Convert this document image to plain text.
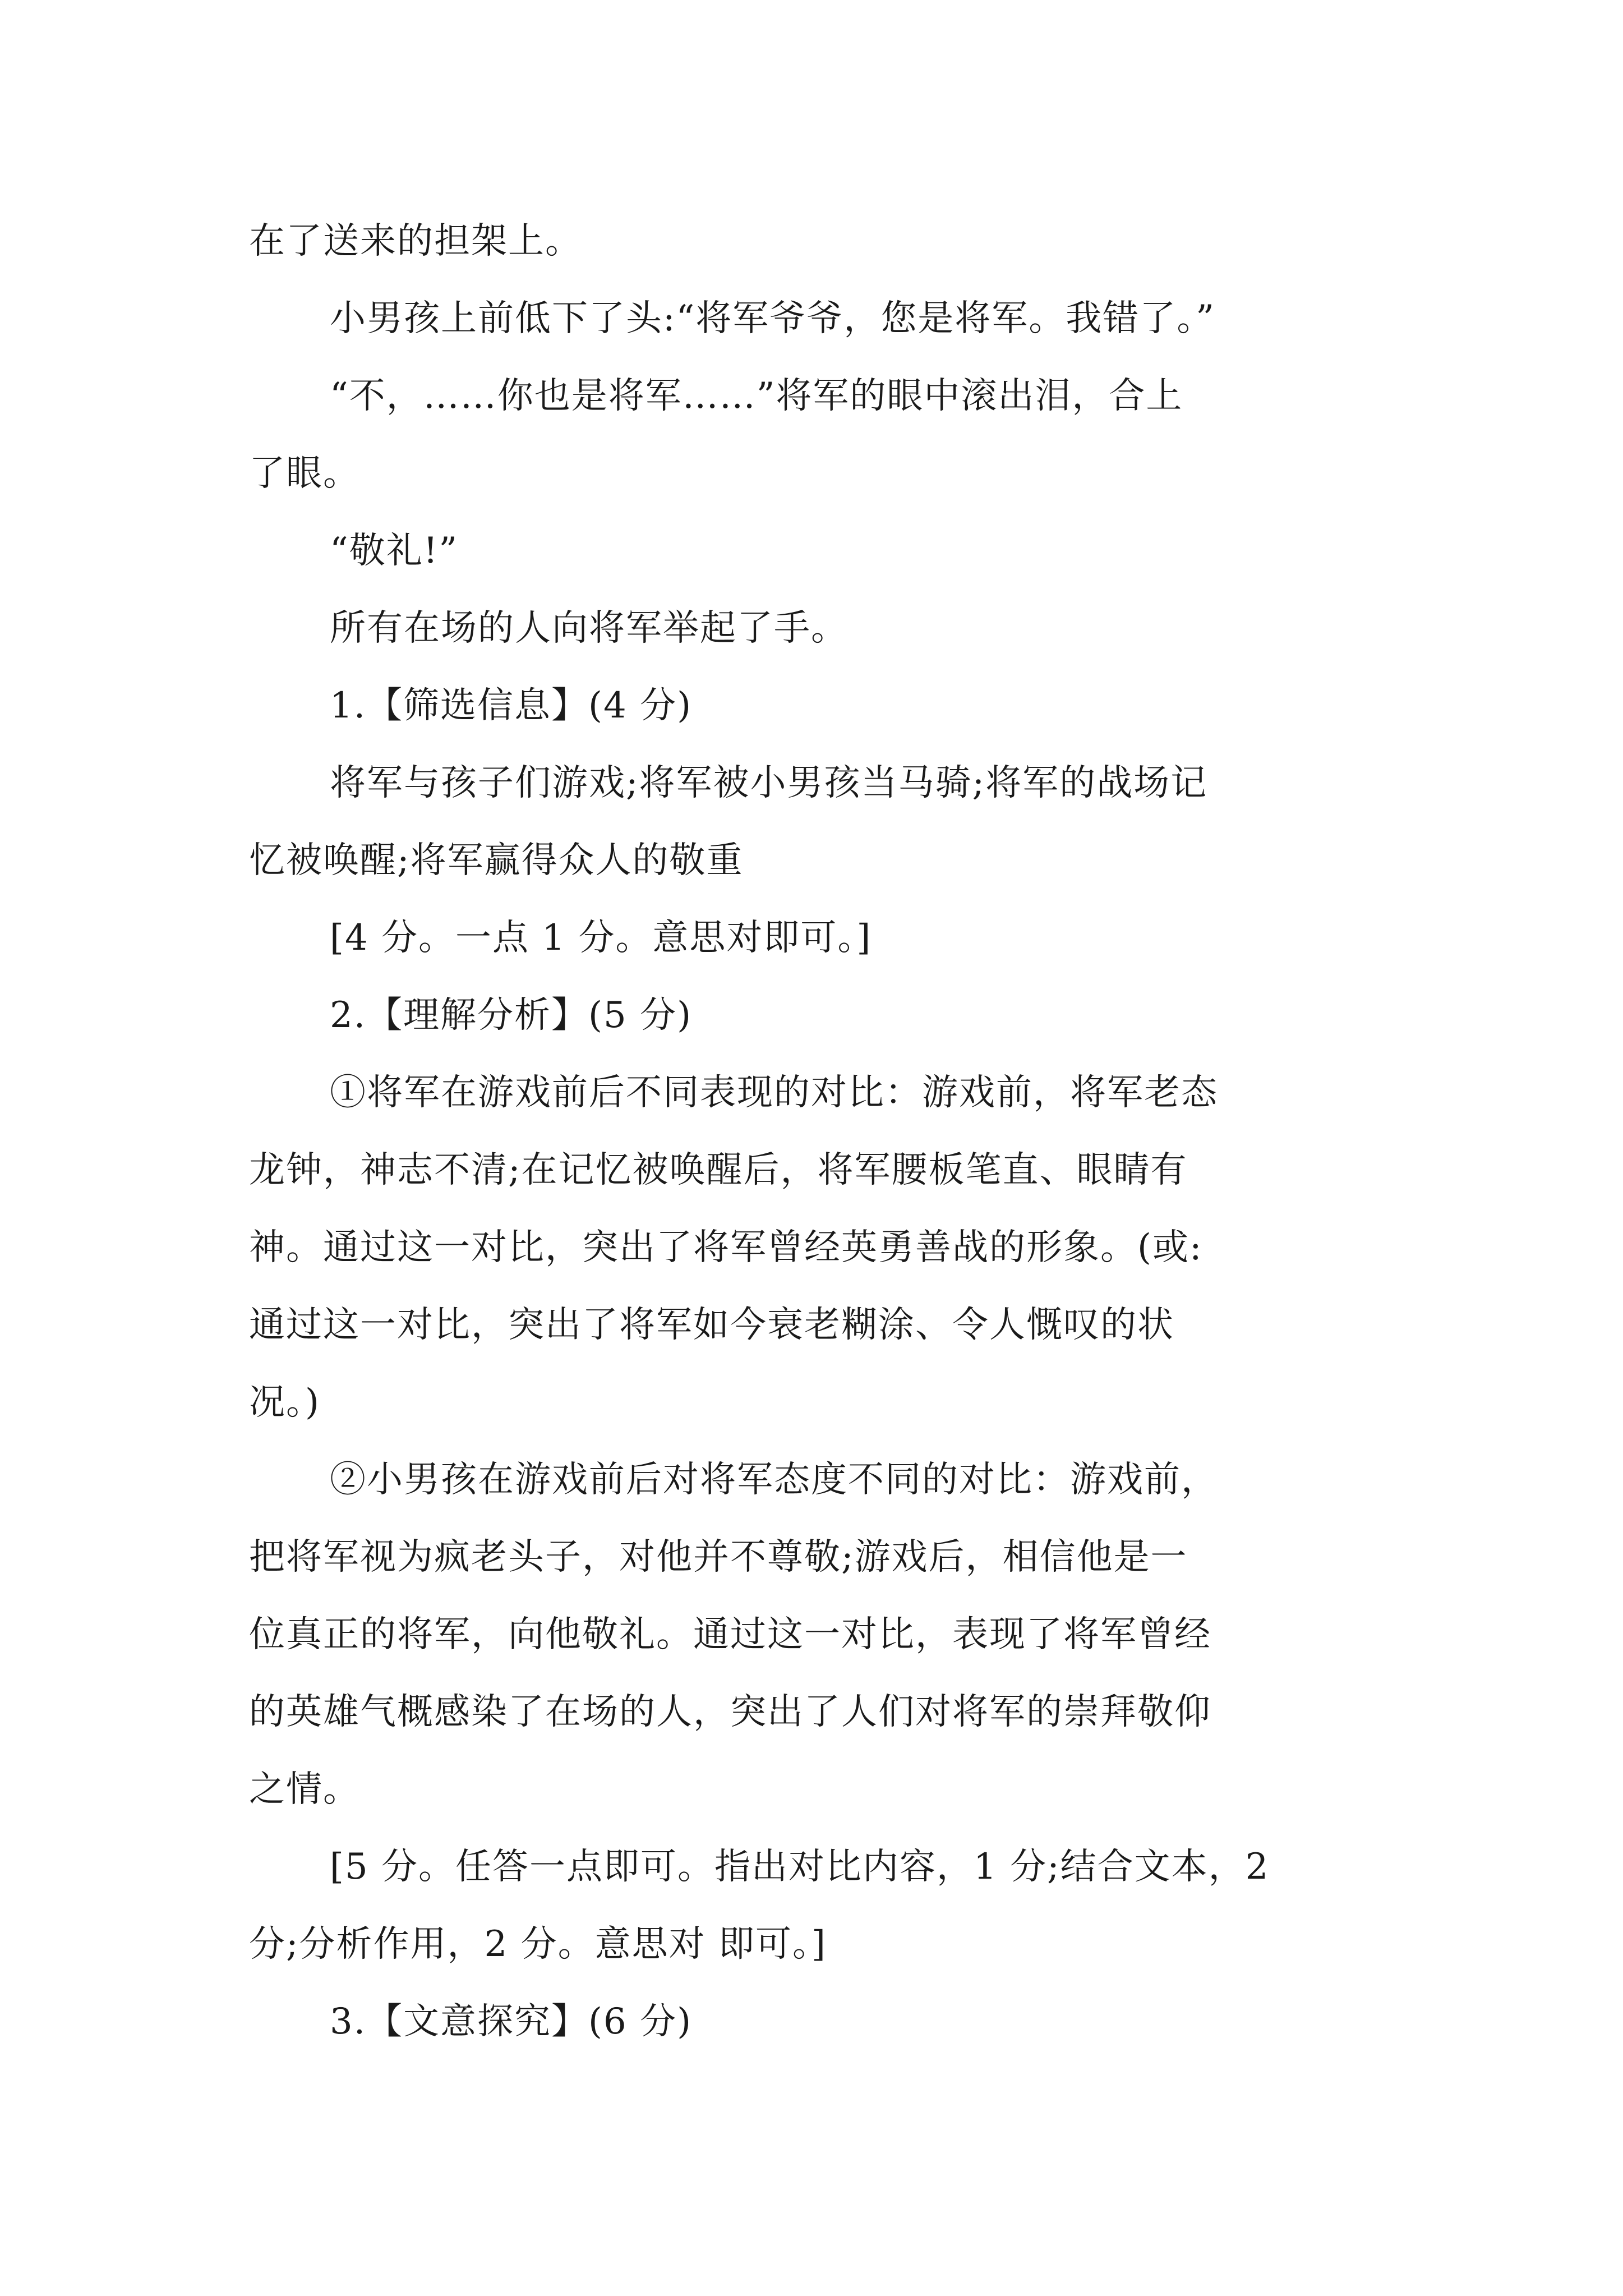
在了送来的担架上。
小男孩上前低下了头:“将军爷爷，您是将军。我错了。”
“不，……你也是将军……”将军的眼中滚出泪，合上
了眼。
“敬礼!”
所有在场的人向将军举起了手。
1.【筛选信息】(4 分)
将军与孩子们游戏;将军被小男孩当马骑;将军的战场记
忆被唤醒;将军赢得众人的敬重
[4 分。一点 1 分。意思对即可。]
2.【理解分析】(5 分)
①将军在游戏前后不同表现的对比：游戏前，将军老态
龙钟，神志不清;在记忆被唤醒后，将军腰板笔直、眼睛有
神。通过这一对比，突出了将军曾经英勇善战的形象。(或:
通过这一对比，突出了将军如今衰老糊涂、令人慨叹的状
况。)
②小男孩在游戏前后对将军态度不同的对比：游戏前，
把将军视为疯老头子，对他并不尊敬;游戏后，相信他是一
位真正的将军，向他敬礼。通过这一对比，表现了将军曾经
的英雄气概感染了在场的人，突出了人们对将军的崇拜敬仰
之情。
[5 分。任答一点即可。指出对比内容，1 分;结合文本，2
分;分析作用，2 分。意思对 即可。]
3.【文意探究】(6 分)
